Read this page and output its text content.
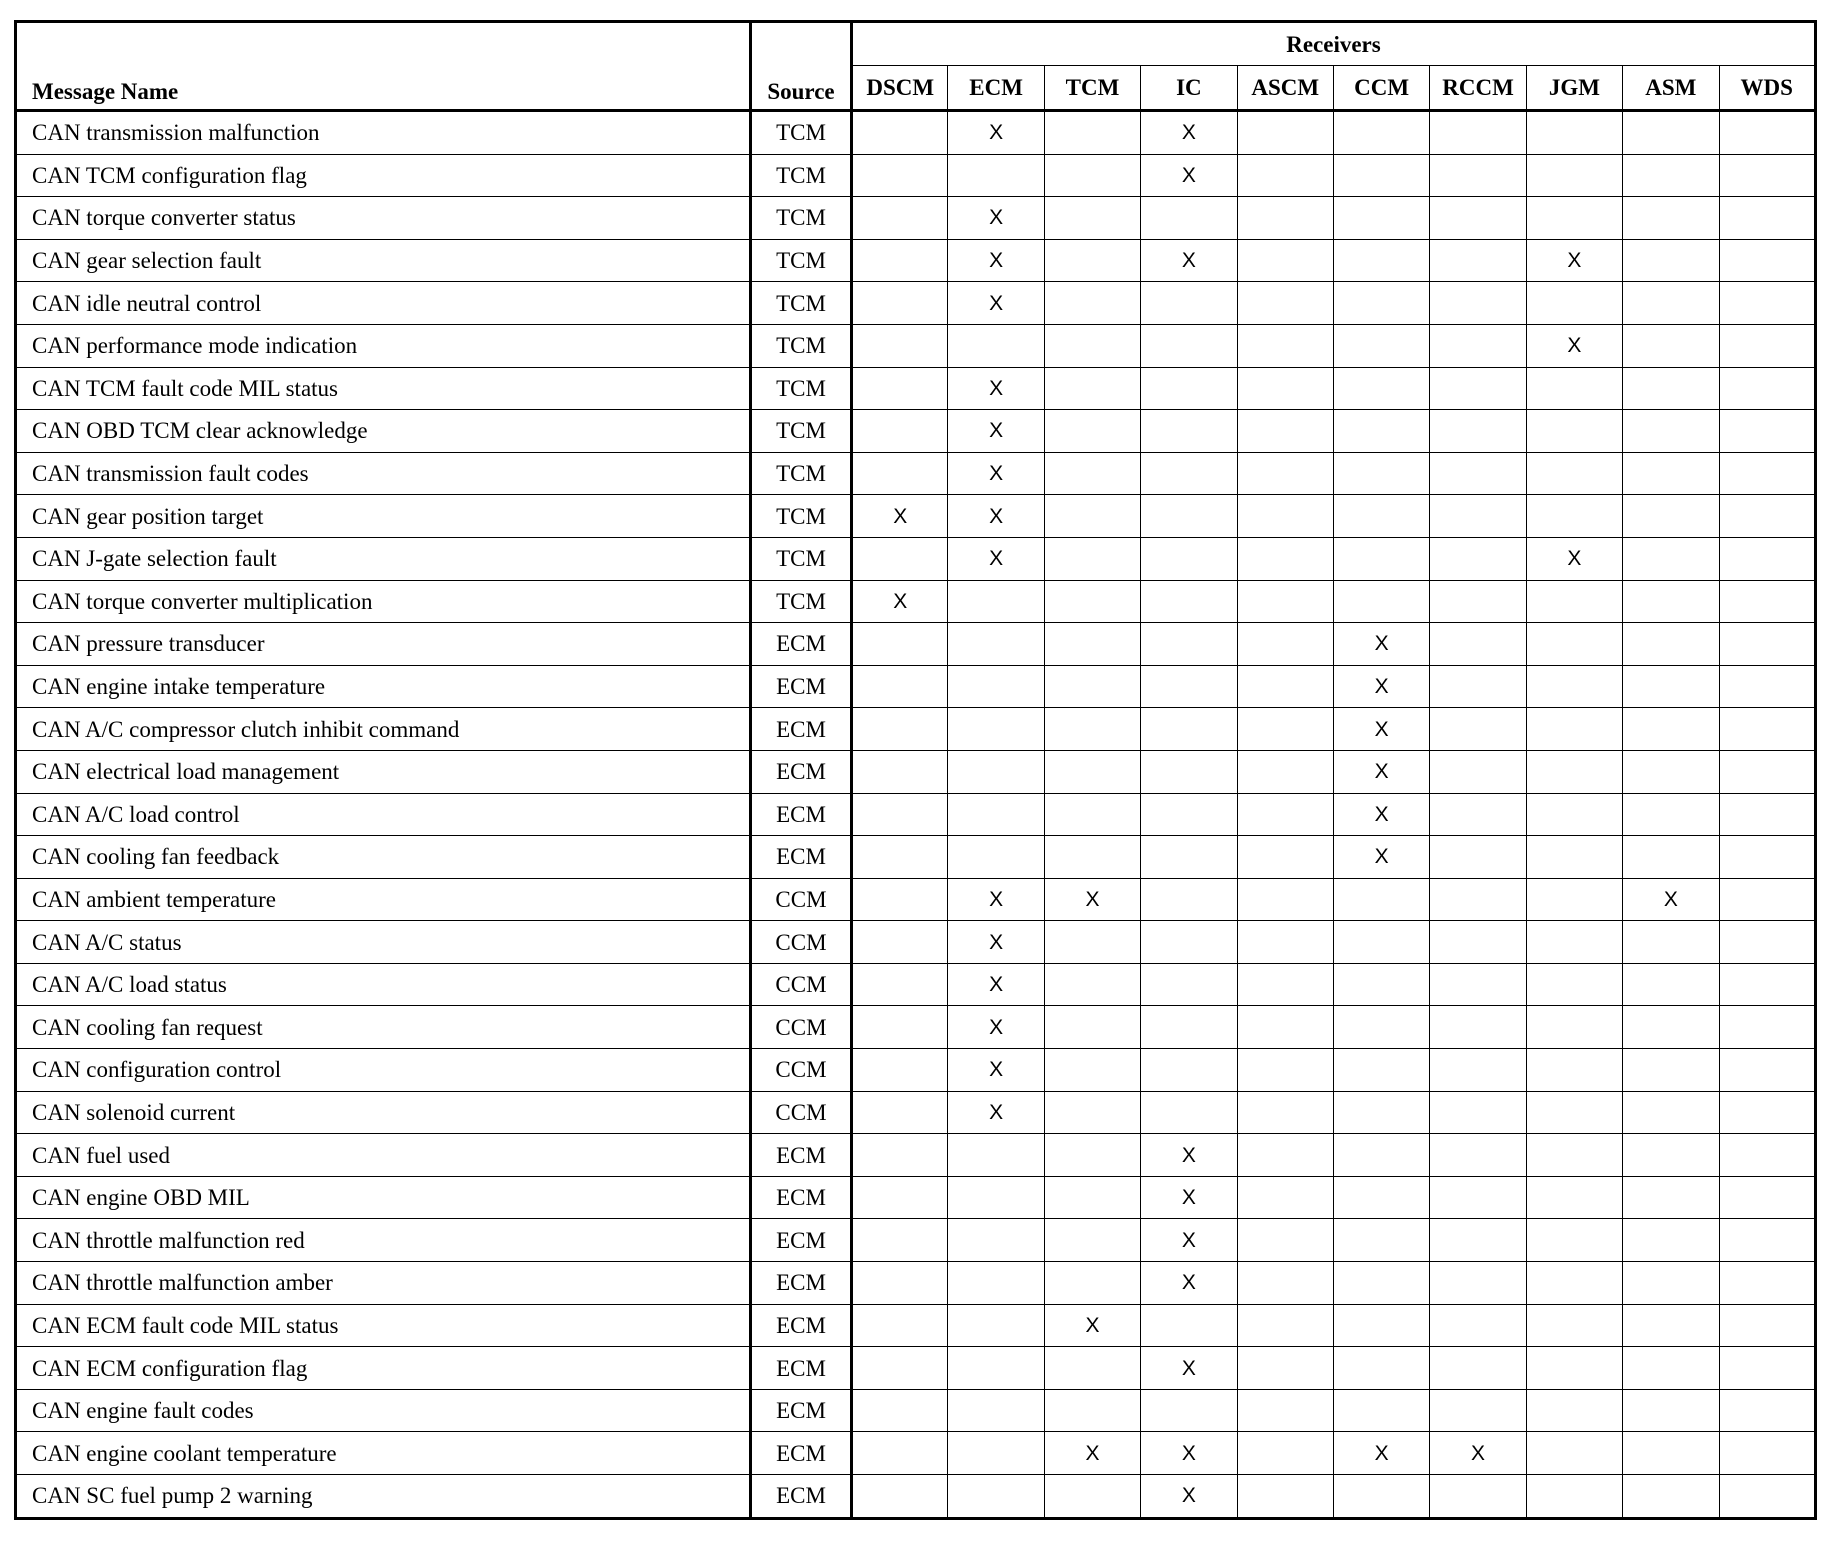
Message Name	Source	Receivers									
		DSCM	ECM	TCM	IC	ASCM	CCM	RCCM	JGM	ASM	WDS
CAN transmission malfunction	TCM		X		X						
CAN TCM configuration flag	TCM				X						
CAN torque converter status	TCM		X								
CAN gear selection fault	TCM		X		X				X		
CAN idle neutral control	TCM		X								
CAN performance mode indication	TCM								X		
CAN TCM fault code MIL status	TCM		X								
CAN OBD TCM clear acknowledge	TCM		X								
CAN transmission fault codes	TCM		X								
CAN gear position target	TCM	X	X								
CAN J-gate selection fault	TCM		X						X		
CAN torque converter multiplication	TCM	X									
CAN pressure transducer	ECM						X				
CAN engine intake temperature	ECM						X				
CAN A/C compressor clutch inhibit command	ECM						X				
CAN electrical load management	ECM						X				
CAN A/C load control	ECM						X				
CAN cooling fan feedback	ECM						X				
CAN ambient temperature	CCM		X	X						X	
CAN A/C status	CCM		X								
CAN A/C load status	CCM		X								
CAN cooling fan request	CCM		X								
CAN configuration control	CCM		X								
CAN solenoid current	CCM		X								
CAN fuel used	ECM				X						
CAN engine OBD MIL	ECM				X						
CAN throttle malfunction red	ECM				X						
CAN throttle malfunction amber	ECM				X						
CAN ECM fault code MIL status	ECM			X							
CAN ECM configuration flag	ECM				X						
CAN engine fault codes	ECM										
CAN engine coolant temperature	ECM			X	X		X	X			
CAN SC fuel pump 2 warning	ECM				X						
